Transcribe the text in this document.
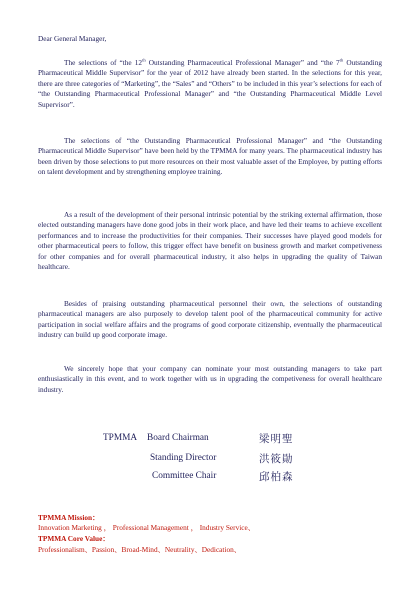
Dear General Manager,

The selections of “the 12th Outstanding Pharmaceutical Professional Manager” and “the 7th Outstanding Pharmaceutical Middle Supervisor” for the year of 2012 have already been started. In the selections for this year, there are three categories of “Marketing”, the “Sales” and “Others” to be included in this year’s selections for each of “the Outstanding Pharmaceutical Professional Manager” and “the Outstanding Pharmaceutical Middle Level Supervisor”.

The selections of “the Outstanding Pharmaceutical Professional Manager” and “the Outstanding Pharmaceutical Middle Supervisor” have been held by the TPMMA for many years. The pharmaceutical industry has been driven by those selections to put more resources on their most valuable asset of the Employee, by putting efforts on talent development and by strengthening employee training.

As a result of the development of their personal intrinsic potential by the striking external affirmation, those elected outstanding managers have done good jobs in their work place, and have led their teams to achieve excellent performances and to increase the productivities for their companies. Their successes have played good models for other pharmaceutical peers to follow, this trigger effect have benefit on business growth and market competiveness for other companies and for overall pharmaceutical industry, it also helps in upgrading the quality of Taiwan healthcare.

Besides of praising outstanding pharmaceutical personnel their own, the selections of outstanding pharmaceutical managers are also purposely to develop talent pool of the pharmaceutical community for active participation in social welfare affairs and the programs of good corporate citizenship, eventually the pharmaceutical industry can build up good corporate image.

We sincerely hope that your company can nominate your most outstanding managers to take part enthusiastically in this event, and to work together with us in upgrading the competiveness for overall healthcare industry.

TPMMA Board Chairman	梁明聖
Standing Director	洪筱勛
Committee Chair	邱柏森
TPMMA Mission：
Innovation Marketing ， Professional Management ， Industry Service、
TPMMA Core Value：
Professionalism、Passion、Broad-Mind、Neutrality、Dedication、
